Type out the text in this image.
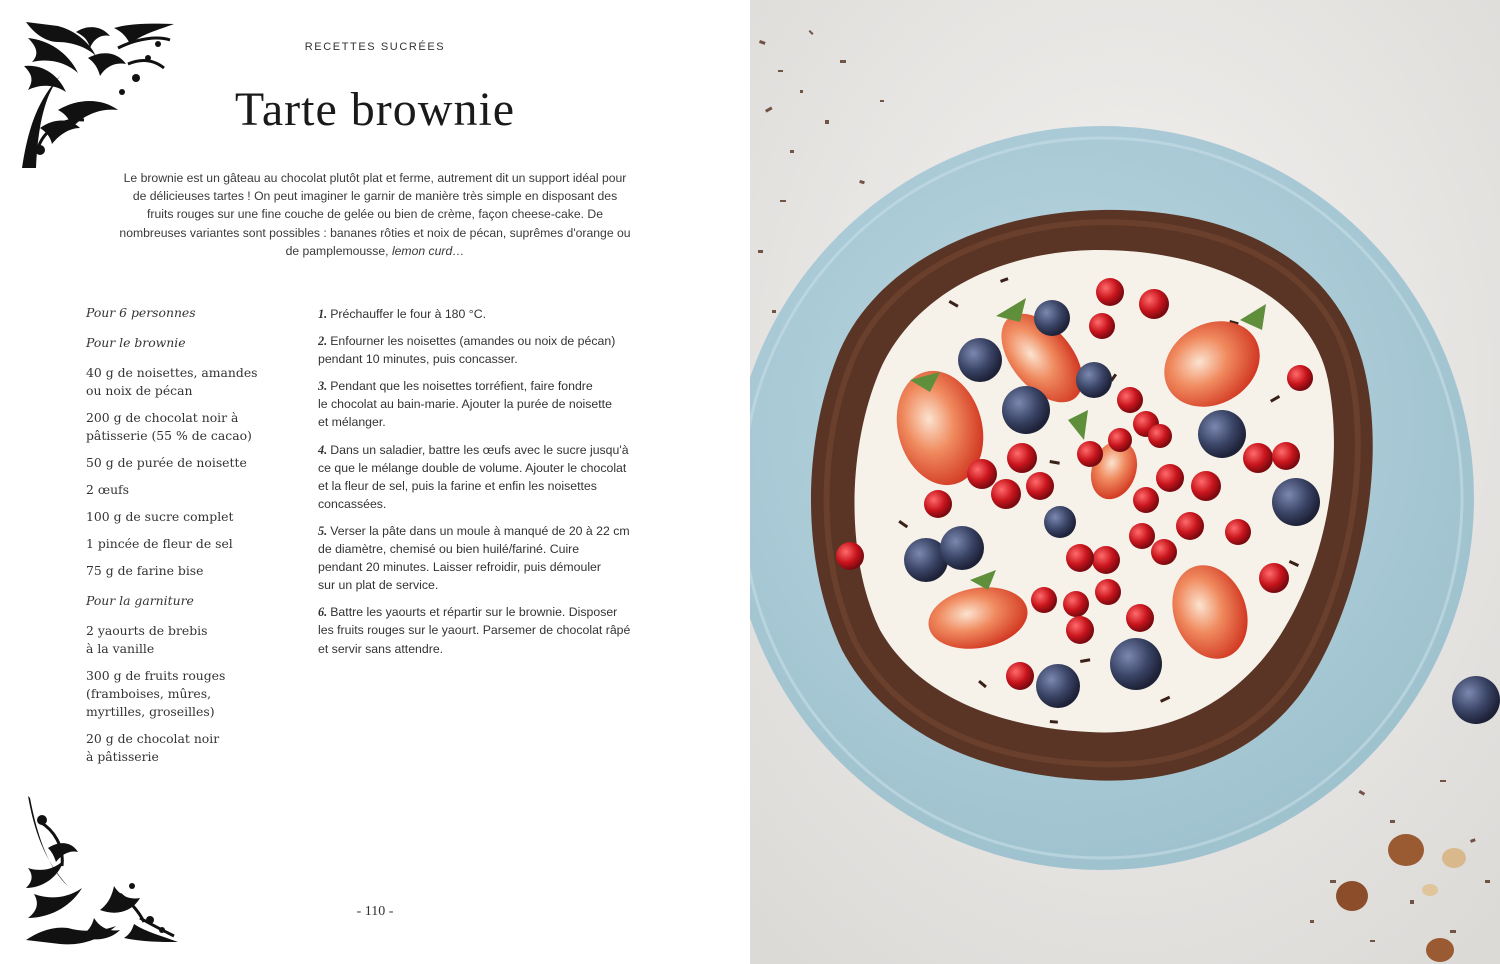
RECETTES SUCRÉES
Tarte brownie

Le brownie est un gâteau au chocolat plutôt plat et ferme, autrement dit un support idéal pour de délicieuses tartes ! On peut imaginer le garnir de manière très simple en disposant des fruits rouges sur une fine couche de gelée ou bien de crème, façon cheese-cake. De nombreuses variantes sont possibles : bananes rôties et noix de pécan, suprêmes d'orange ou de pamplemousse, lemon curd…

Pour 6 personnes
Pour le brownie
40 g de noisettes, amandes
ou noix de pécan
200 g de chocolat noir à
pâtisserie (55 % de cacao)
50 g de purée de noisette
2 œufs
100 g de sucre complet
1 pincée de fleur de sel
75 g de farine bise
Pour la garniture
2 yaourts de brebis
à la vanille
300 g de fruits rouges
(framboises, mûres,
myrtilles, groseilles)
20 g de chocolat noir
à pâtisserie
1. Préchauffer le four à 180 °C.
2. Enfourner les noisettes (amandes ou noix de pécan)
pendant 10 minutes, puis concasser.
3. Pendant que les noisettes torréfient, faire fondre
le chocolat au bain-marie. Ajouter la purée de noisette
et mélanger.
4. Dans un saladier, battre les œufs avec le sucre jusqu'à
ce que le mélange double de volume. Ajouter le chocolat
et la fleur de sel, puis la farine et enfin les noisettes
concassées.
5. Verser la pâte dans un moule à manqué de 20 à 22 cm
de diamètre, chemisé ou bien huilé/fariné. Cuire
pendant 20 minutes. Laisser refroidir, puis démouler
sur un plat de service.
6. Battre les yaourts et répartir sur le brownie. Disposer
les fruits rouges sur le yaourt. Parsemer de chocolat râpé
et servir sans attendre.
- 110 -
